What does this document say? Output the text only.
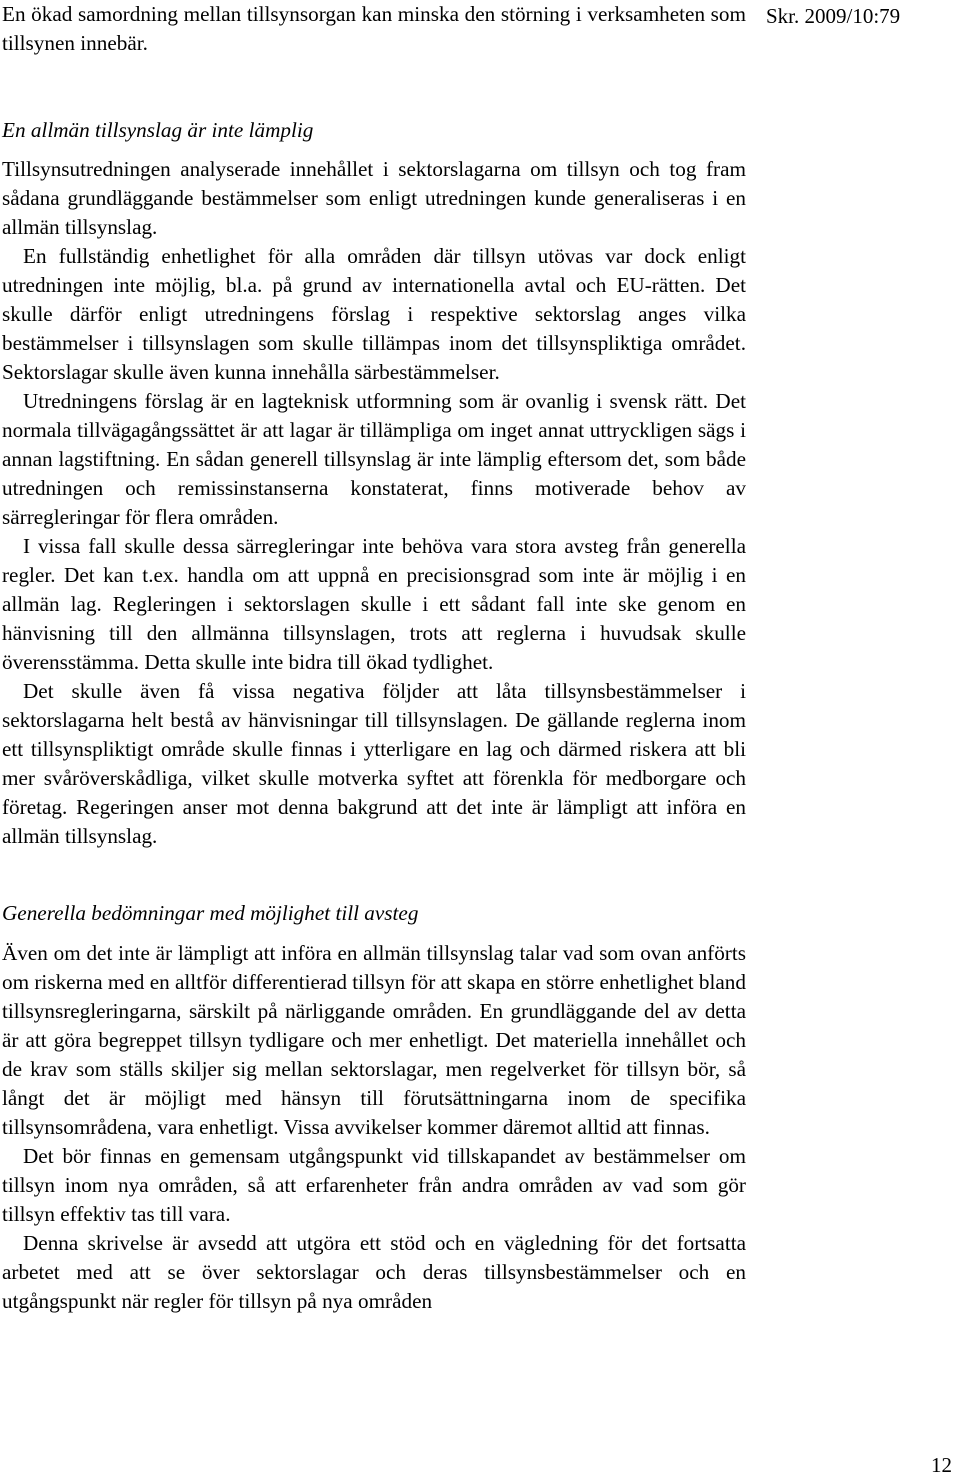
Skr. 2009/10:79

En ökad samordning mellan tillsynsorgan kan minska den störning i verksamheten som tillsynen innebär.

En allmän tillsynslag är inte lämplig

Tillsynsutredningen analyserade innehållet i sektorslagarna om tillsyn och tog fram sådana grundläggande bestämmelser som enligt utredningen kunde generaliseras i en allmän tillsynslag.

En fullständig enhetlighet för alla områden där tillsyn utövas var dock enligt utredningen inte möjlig, bl.a. på grund av internationella avtal och EU-rätten. Det skulle därför enligt utredningens förslag i respektive sektorslag anges vilka bestämmelser i tillsynslagen som skulle tillämpas inom det tillsynspliktiga området. Sektorslagar skulle även kunna innehålla särbestämmelser.

Utredningens förslag är en lagteknisk utformning som är ovanlig i svensk rätt. Det normala tillvägagångssättet är att lagar är tillämpliga om inget annat uttryckligen sägs i annan lagstiftning. En sådan generell tillsynslag är inte lämplig eftersom det, som både utredningen och remissinstanserna konstaterat, finns motiverade behov av särregleringar för flera områden.

I vissa fall skulle dessa särregleringar inte behöva vara stora avsteg från generella regler. Det kan t.ex. handla om att uppnå en precisionsgrad som inte är möjlig i en allmän lag. Regleringen i sektorslagen skulle i ett sådant fall inte ske genom en hänvisning till den allmänna tillsynslagen, trots att reglerna i huvudsak skulle överensstämma. Detta skulle inte bidra till ökad tydlighet.

Det skulle även få vissa negativa följder att låta tillsynsbestämmelser i sektorslagarna helt bestå av hänvisningar till tillsynslagen. De gällande reglerna inom ett tillsynspliktigt område skulle finnas i ytterligare en lag och därmed riskera att bli mer svåröverskådliga, vilket skulle motverka syftet att förenkla för medborgare och företag. Regeringen anser mot denna bakgrund att det inte är lämpligt att införa en allmän tillsynslag.

Generella bedömningar med möjlighet till avsteg

Även om det inte är lämpligt att införa en allmän tillsynslag talar vad som ovan anförts om riskerna med en alltför differentierad tillsyn för att skapa en större enhetlighet bland tillsynsregleringarna, särskilt på närliggande områden. En grundläggande del av detta är att göra begreppet tillsyn tydligare och mer enhetligt. Det materiella innehållet och de krav som ställs skiljer sig mellan sektorslagar, men regelverket för tillsyn bör, så långt det är möjligt med hänsyn till förutsättningarna inom de specifika tillsynsområdena, vara enhetligt. Vissa avvikelser kommer däremot alltid att finnas.

Det bör finnas en gemensam utgångspunkt vid tillskapandet av bestämmelser om tillsyn inom nya områden, så att erfarenheter från andra områden av vad som gör tillsyn effektiv tas till vara.

Denna skrivelse är avsedd att utgöra ett stöd och en vägledning för det fortsatta arbetet med att se över sektorslagar och deras tillsynsbestämmelser och en utgångspunkt när regler för tillsyn på nya områden

12
